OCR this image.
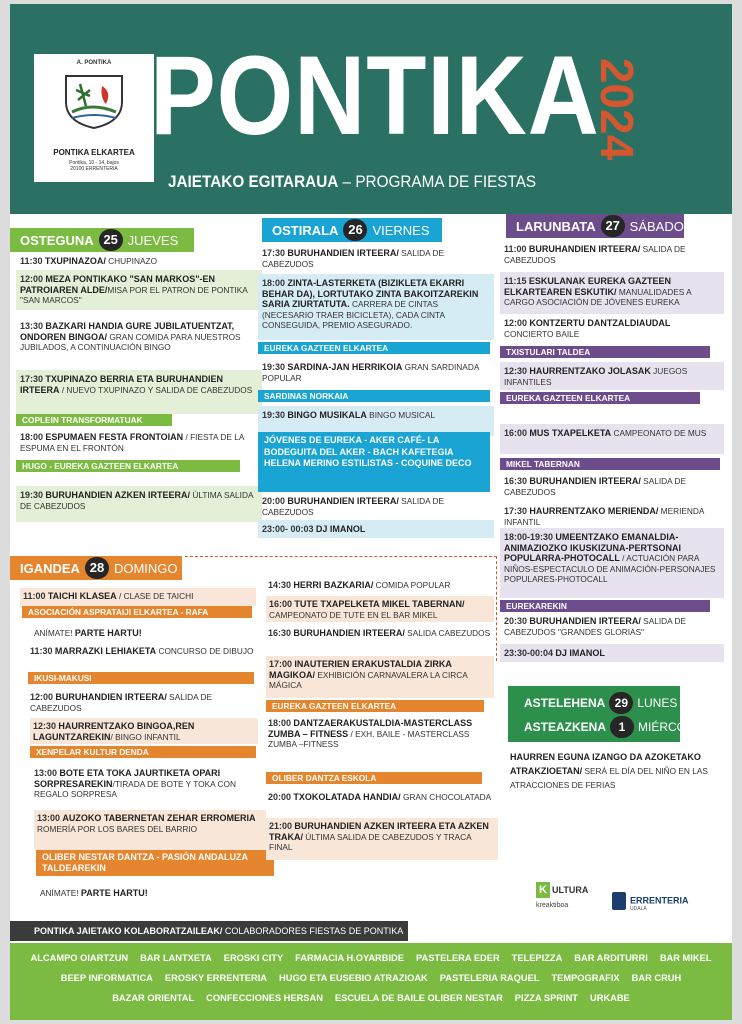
A. PONTIKA
PONTIKA ELKARTEA
Pontika, 10 - 14, bajos
20100 ERRENTERIA
PONTIKA
2024
JAIETAKO EGITARAUA – PROGRAMA DE FIESTAS
OSTEGUNA 25 JUEVES
11:30 TXUPINAZOA/ CHUPINAZO
12:00 MEZA PONTIKAKO "SAN MARKOS"-EN PATROIAREN ALDE/MISA POR EL PATRON DE PONTIKA "SAN MARCOS"
13:30 BAZKARI HANDIA GURE JUBILATUENTZAT, ONDOREN BINGOA/ GRAN COMIDA PARA NUESTROS JUBILADOS, A CONTINUACIÓN BINGO
17:30 TXUPINAZO BERRIA ETA BURUHANDIEN IRTEERA / NUEVO TXUPINAZO Y SALIDA DE CABEZUDOS
COPLEIN TRANSFORMATUAK
18:00 ESPUMAEN FESTA FRONTOIAN / FIESTA DE LA ESPUMA EN EL FRONTÓN
HUGO - EUREKA GAZTEEN ELKARTEA
19:30 BURUHANDIEN AZKEN IRTEERA/ ÚLTIMA SALIDA DE CABEZUDOS
OSTIRALA 26 VIERNES
17:30 BURUHANDIEN IRTEERA/ SALIDA DE CABEZUDOS
18:00 ZINTA-LASTERKETA (BIZIKLETA EKARRI BEHAR DA), LORTUTAKO ZINTA BAKOITZAREKIN SARIA ZIURTATUTA. CARRERA DE CINTAS (NECESARIO TRAER BICICLETA), CADA CINTA CONSEGUIDA, PREMIO ASEGURADO.
EUREKA GAZTEEN ELKARTEA
19:30 SARDINA-JAN HERRIKOIA GRAN SARDINADA POPULAR
SARDINAS NORKAIA
19:30 BINGO MUSIKALA BINGO MUSICAL
JÓVENES DE EUREKA - AKER CAFÉ- LA BODEGUITA DEL AKER - BACH KAFETEGIA HELENA MERINO ESTILISTAS - COQUINE DECO
20:00 BURUHANDIEN IRTEERA/ SALIDA DE CABEZUDOS
23:00- 00:03 DJ IMANOL
LARUNBATA 27 SÁBADO
11:00 BURUHANDIEN IRTEERA/ SALIDA DE CABEZUDOS
11:15 ESKULANAK EUREKA GAZTEEN ELKARTEAREN ESKUTIK/ MANUALIDADES A CARGO ASOCIACIÓN DE JÓVENES EUREKA
12:00 KONTZERTU DANTZALDIAUDAL CONCIERTO BAILE
TXISTULARI TALDEA
12:30 HAURRENTZAKO JOLASAK JUEGOS INFANTILES
EUREKA GAZTEEN ELKARTEA
16:00 MUS TXAPELKETA CAMPEONATO DE MUS
MIKEL TABERNAN
16:30 BURUHANDIEN IRTEERA/ SALIDA DE CABEZUDOS
17:30 HAURRENTZAKO MERIENDA/ MERIENDA INFANTIL
18:00-19:30 UMEENTZAKO EMANALDIA-ANIMAZIOZKO IKUSKIZUNA-PERTSONAI POPULARRA-PHOTOCALL / ACTUACIÓN PARA NIÑOS-ESPECTACULO DE ANIMACIÓN-PERSONAJES POPULARES-PHOTOCALL
EUREKAREKIN
20:30 BURUHANDIEN IRTEERA/ SALIDA DE CABEZUDOS "GRANDES GLORIAS"
23:30-00:04 DJ IMANOL
IGANDEA 28 DOMINGO
11:00 TAICHI KLASEA / CLASE DE TAICHI
ASOCIACIÓN ASPRATAIJI ELKARTEA - RAFA
ANÍMATE! PARTE HARTU!
11:30 MARRAZKI LEHIAKETA CONCURSO DE DIBUJO
IKUSI-MAKUSI
12:00 BURUHANDIEN IRTEERA/ SALIDA DE CABEZUDOS
12:30 HAURRENTZAKO BINGOA,REN LAGUNTZAREKIN/ BINGO INFANTIL
XENPELAR KULTUR DENDA
13:00 BOTE ETA TOKA JAURTIKETA OPARI SORPRESAREKIN/TIRADA DE BOTE Y TOKA CON REGALO SORPRESA
13:00 AUZOKO TABERNETAN ZEHAR ERROMERIA ROMERÍA POR LOS BARES DEL BARRIO
OLIBER NESTAR DANTZA - PASIÓN ANDALUZA TALDEAREKIN
ANÍMATE! PARTE HARTU!
14:30 HERRI BAZKARIA/ COMIDA POPULAR
16:00 TUTE TXAPELKETA MIKEL TABERNAN/ CAMPEONATO DE TUTE EN EL BAR MIKEL
16:30 BURUHANDIEN IRTEERA/ SALIDA CABEZUDOS
17:00 INAUTERIEN ERAKUSTALDIA ZIRKA MAGIKOA/ EXHIBICIÓN CARNAVALERA LA CIRCA MÁGICA
EUREKA GAZTEEN ELKARTEA
18:00 DANTZAERAKUSTALDIA-MASTERCLASS ZUMBA – FITNESS / EXH. BAILE - MASTERCLASS ZUMBA –FITNESS
OLIBER DANTZA ESKOLA
20:00 TXOKOLATADA HANDIA/ GRAN CHOCOLATADA
21:00 BURUHANDIEN AZKEN IRTEERA ETA AZKEN TRAKA/ ÚLTIMA SALIDA DE CABEZUDOS Y TRACA FINAL
ASTELEHENA 29 LUNES &
ASTEAZKENA 1 MIÉRCOLES
HAURREN EGUNA IZANGO DA AZOKETAKO ATRAKZIOETAN/ SERÁ EL DÍA DEL NIÑO EN LAS ATRACCIONES DE FERIAS
K ULTURA
kreaktiboa
ERRENTERIA
UDALA
PONTIKA JAIETAKO KOLABORATZAILEAK/ COLABORADORES FIESTAS DE PONTIKA
ALCAMPO OIARTZUN BAR LANTXETA EROSKI CITY FARMACIA H.OYARBIDE PASTELERA EDER TELEPIZZA BAR ARDITURRI BAR MIKEL
BEEP INFORMATICA EROSKY ERRENTERIA HUGO ETA EUSEBIO ATRAZIOAK PASTELERIA RAQUEL TEMPOGRAFIX BAR CRUH
BAZAR ORIENTAL CONFECCIONES HERSAN ESCUELA DE BAILE OLIBER NESTAR PIZZA SPRINT URKABE
